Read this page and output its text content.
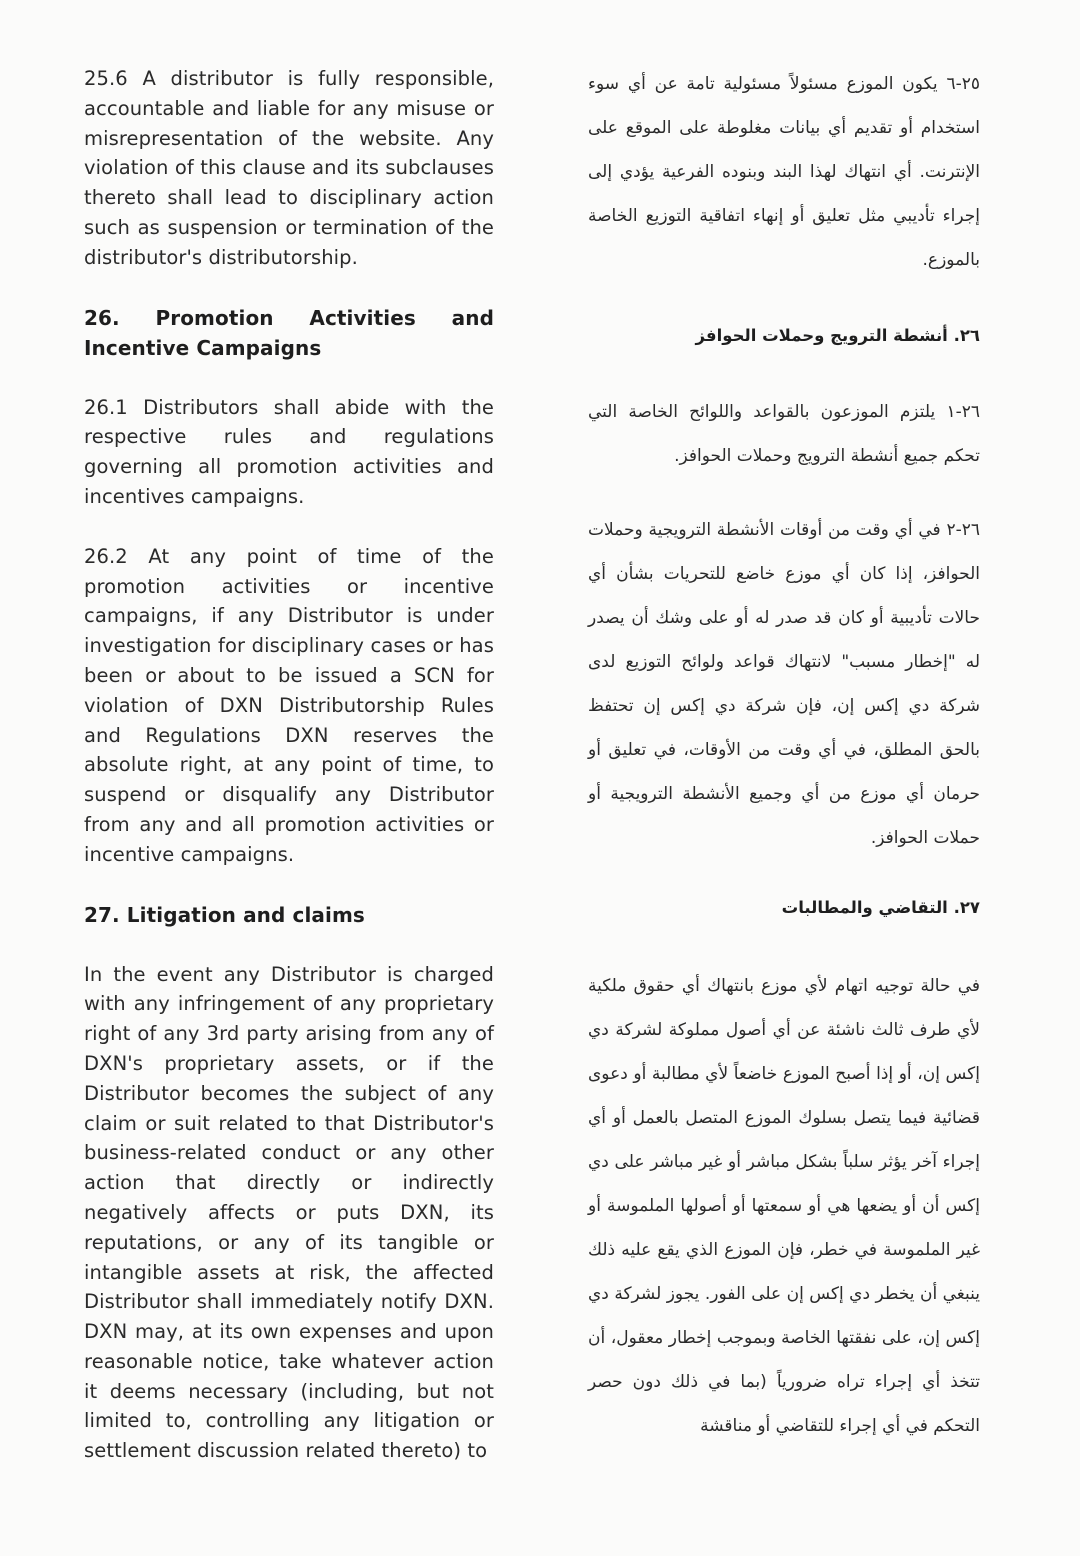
25.6 A distributor is fully responsible, accountable and liable for any misuse or misrepresentation of the website. Any violation of this clause and its subclauses thereto shall lead to disciplinary action such as suspension or termination of the distributor's distributorship.

26. Promotion Activities and Incentive Campaigns

26.1 Distributors shall abide with the respective rules and regulations governing all promotion activities and incentives campaigns.

26.2 At any point of time of the promotion activities or incentive campaigns, if any Distributor is under investigation for disciplinary cases or has been or about to be issued a SCN for violation of DXN Distributorship Rules and Regulations DXN reserves the absolute right, at any point of time, to suspend or disqualify any Distributor from any and all promotion activities or incentive campaigns.

27. Litigation and claims

In the event any Distributor is charged with any infringement of any proprietary right of any 3rd party arising from any of DXN's proprietary assets, or if the Distributor becomes the subject of any claim or suit related to that Distributor's business-related conduct or any other action that directly or indirectly negatively affects or puts DXN, its reputations, or any of its tangible or intangible assets at risk, the affected Distributor shall immediately notify DXN. DXN may, at its own expenses and upon reasonable notice, take whatever action it deems necessary (including, but not limited to, controlling any litigation or settlement discussion related thereto) to

٢٥-٦ يكون الموزع مسئولاً مسئولية تامة عن أي سوء استخدام أو تقديم أي بيانات مغلوطة على الموقع على الإنترنت. أي انتهاك لهذا البند وبنوده الفرعية يؤدي إلى إجراء تأديبي مثل تعليق أو إنهاء اتفاقية التوزيع الخاصة بالموزع.

٢٦. أنشطة الترويج وحملات الحوافز

٢٦-١ يلتزم الموزعون بالقواعد واللوائح الخاصة التي تحكم جميع أنشطة الترويج وحملات الحوافز.

٢٦-٢ في أي وقت من أوقات الأنشطة الترويجية وحملات الحوافز، إذا كان أي موزع خاضع للتحريات بشأن أي حالات تأديبية أو كان قد صدر له أو على وشك أن يصدر له "إخطار مسبب" لانتهاك قواعد ولوائح التوزيع لدى شركة دي إكس إن، فإن شركة دي إكس إن تحتفظ بالحق المطلق، في أي وقت من الأوقات، في تعليق أو حرمان أي موزع من أي وجميع الأنشطة الترويجية أو حملات الحوافز.

٢٧. التقاضي والمطالبات

في حالة توجيه اتهام لأي موزع بانتهاك أي حقوق ملكية لأي طرف ثالث ناشئة عن أي أصول مملوكة لشركة دي إكس إن، أو إذا أصبح الموزع خاضعاً لأي مطالبة أو دعوى قضائية فيما يتصل بسلوك الموزع المتصل بالعمل أو أي إجراء آخر يؤثر سلباً بشكل مباشر أو غير مباشر على دي إكس أن أو يضعها هي أو سمعتها أو أصولها الملموسة أو غير الملموسة في خطر، فإن الموزع الذي يقع عليه ذلك ينبغي أن يخطر دي إكس إن على الفور. يجوز لشركة دي إكس إن، على نفقتها الخاصة وبموجب إخطار معقول، أن تتخذ أي إجراء تراه ضرورياً (بما في ذلك دون حصر التحكم في أي إجراء للتقاضي أو مناقشة
